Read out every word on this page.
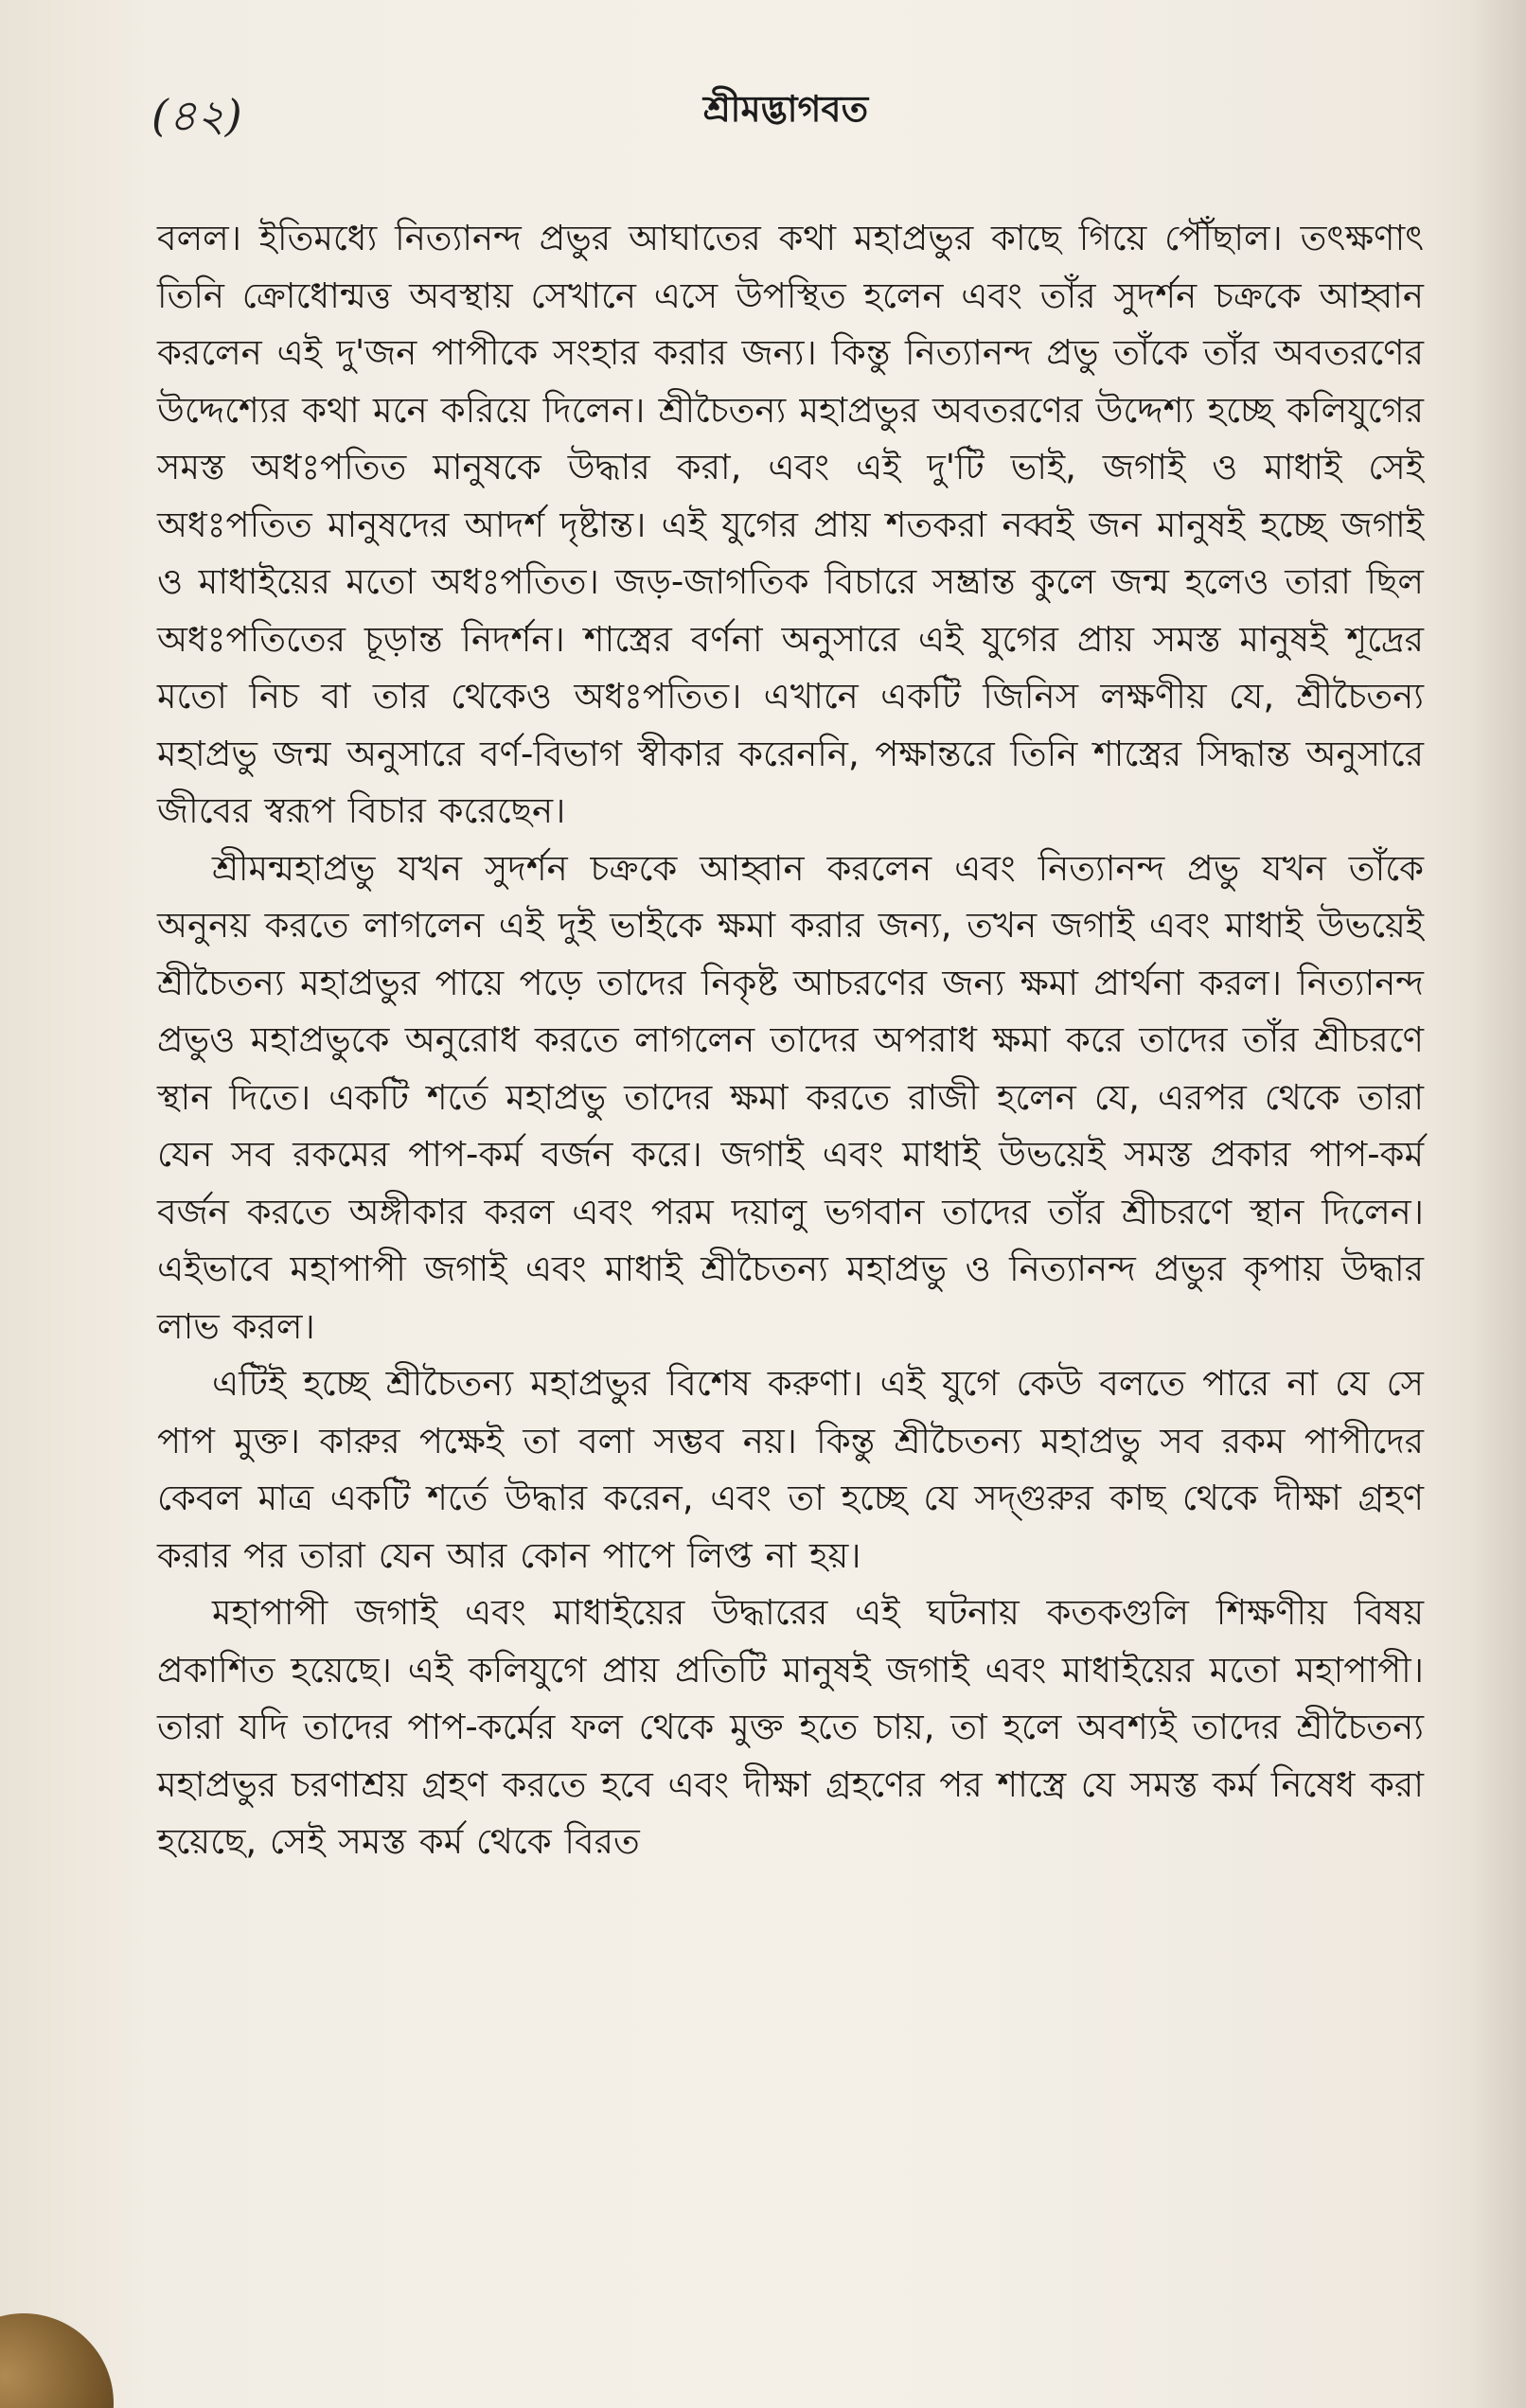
(৪২)	শ্রীমদ্ভাগবত

বলল। ইতিমধ্যে নিত্যানন্দ প্রভুর আঘাতের কথা মহাপ্রভুর কাছে গিয়ে পৌঁছাল। তৎক্ষণাৎ তিনি ক্রোধোন্মত্ত অবস্থায় সেখানে এসে উপস্থিত হলেন এবং তাঁর সুদর্শন চক্রকে আহ্বান করলেন এই দু'জন পাপীকে সংহার করার জন্য। কিন্তু নিত্যানন্দ প্রভু তাঁকে তাঁর অবতরণের উদ্দেশ্যের কথা মনে করিয়ে দিলেন। শ্রীচৈতন্য মহাপ্রভুর অবতরণের উদ্দেশ্য হচ্ছে কলিযুগের সমস্ত অধঃপতিত মানুষকে উদ্ধার করা, এবং এই দু'টি ভাই, জগাই ও মাধাই সেই অধঃপতিত মানুষদের আদর্শ দৃষ্টান্ত। এই যুগের প্রায় শতকরা নব্বই জন মানুষই হচ্ছে জগাই ও মাধাইয়ের মতো অধঃপতিত। জড়-জাগতিক বিচারে সম্ভ্রান্ত কুলে জন্ম হলেও তারা ছিল অধঃপতিতের চূড়ান্ত নিদর্শন। শাস্ত্রের বর্ণনা অনুসারে এই যুগের প্রায় সমস্ত মানুষই শূদ্রের মতো নিচ বা তার থেকেও অধঃপতিত। এখানে একটি জিনিস লক্ষণীয় যে, শ্রীচৈতন্য মহাপ্রভু জন্ম অনুসারে বর্ণ-বিভাগ স্বীকার করেননি, পক্ষান্তরে তিনি শাস্ত্রের সিদ্ধান্ত অনুসারে জীবের স্বরূপ বিচার করেছেন।

শ্রীমন্মহাপ্রভু যখন সুদর্শন চক্রকে আহ্বান করলেন এবং নিত্যানন্দ প্রভু যখন তাঁকে অনুনয় করতে লাগলেন এই দুই ভাইকে ক্ষমা করার জন্য, তখন জগাই এবং মাধাই উভয়েই শ্রীচৈতন্য মহাপ্রভুর পায়ে পড়ে তাদের নিকৃষ্ট আচরণের জন্য ক্ষমা প্রার্থনা করল। নিত্যানন্দ প্রভুও মহাপ্রভুকে অনুরোধ করতে লাগলেন তাদের অপরাধ ক্ষমা করে তাদের তাঁর শ্রীচরণে স্থান দিতে। একটি শর্তে মহাপ্রভু তাদের ক্ষমা করতে রাজী হলেন যে, এরপর থেকে তারা যেন সব রকমের পাপ-কর্ম বর্জন করে। জগাই এবং মাধাই উভয়েই সমস্ত প্রকার পাপ-কর্ম বর্জন করতে অঙ্গীকার করল এবং পরম দয়ালু ভগবান তাদের তাঁর শ্রীচরণে স্থান দিলেন। এইভাবে মহাপাপী জগাই এবং মাধাই শ্রীচৈতন্য মহাপ্রভু ও নিত্যানন্দ প্রভুর কৃপায় উদ্ধার লাভ করল।

এটিই হচ্ছে শ্রীচৈতন্য মহাপ্রভুর বিশেষ করুণা। এই যুগে কেউ বলতে পারে না যে সে পাপ মুক্ত। কারুর পক্ষেই তা বলা সম্ভব নয়। কিন্তু শ্রীচৈতন্য মহাপ্রভু সব রকম পাপীদের কেবল মাত্র একটি শর্তে উদ্ধার করেন, এবং তা হচ্ছে যে সদ্গুরুর কাছ থেকে দীক্ষা গ্রহণ করার পর তারা যেন আর কোন পাপে লিপ্ত না হয়।

মহাপাপী জগাই এবং মাধাইয়ের উদ্ধারের এই ঘটনায় কতকগুলি শিক্ষণীয় বিষয় প্রকাশিত হয়েছে। এই কলিযুগে প্রায় প্রতিটি মানুষই জগাই এবং মাধাইয়ের মতো মহাপাপী। তারা যদি তাদের পাপ-কর্মের ফল থেকে মুক্ত হতে চায়, তা হলে অবশ্যই তাদের শ্রীচৈতন্য মহাপ্রভুর চরণাশ্রয় গ্রহণ করতে হবে এবং দীক্ষা গ্রহণের পর শাস্ত্রে যে সমস্ত কর্ম নিষেধ করা হয়েছে, সেই সমস্ত কর্ম থেকে বিরত
